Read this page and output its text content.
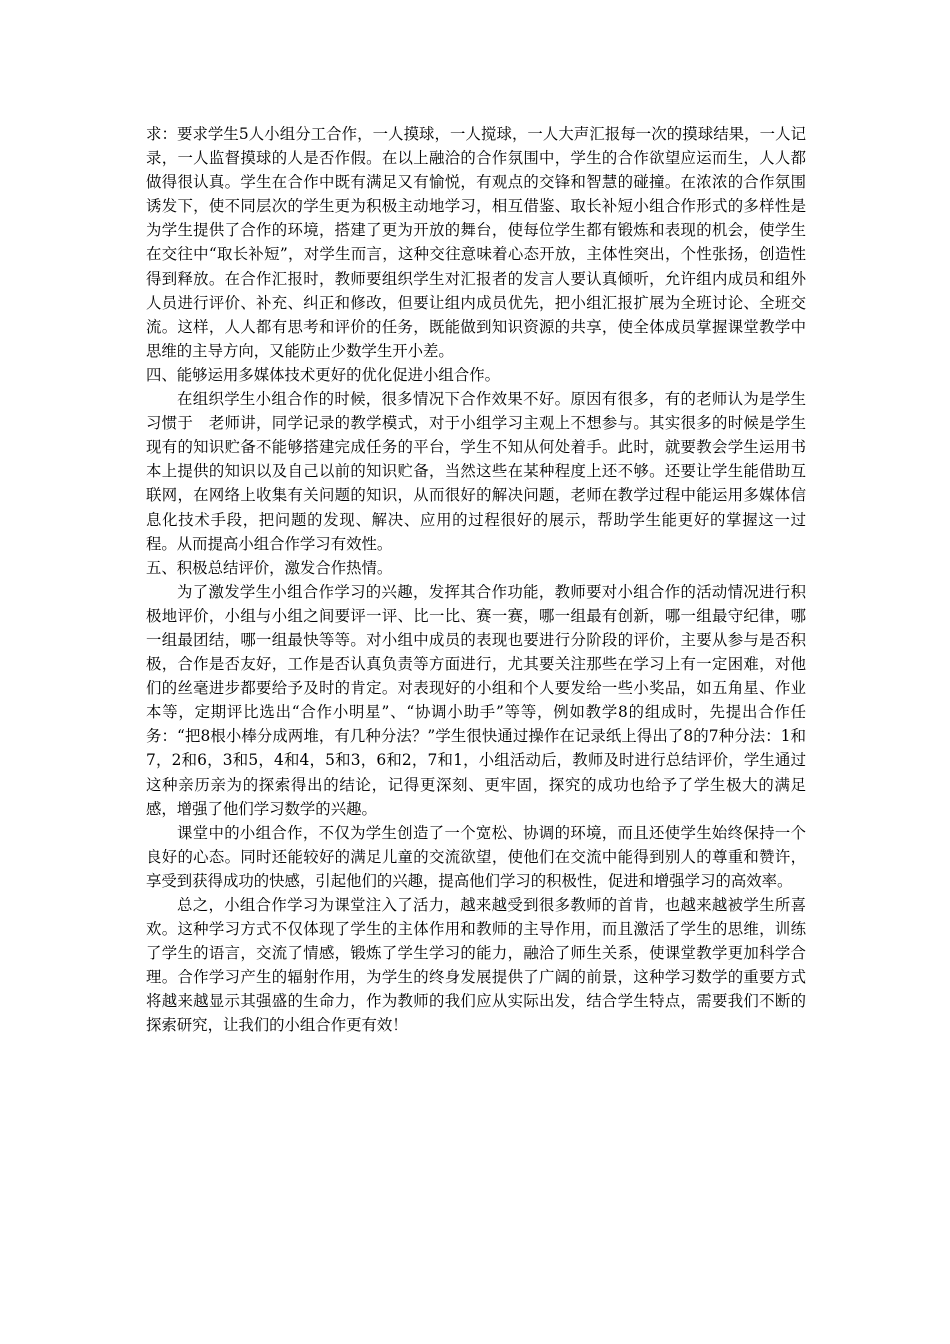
求：要求学生5人小组分工合作，一人摸球，一人搅球，一人大声汇报每一次的摸球结果，一人记录，一人监督摸球的人是否作假。在以上融洽的合作氛围中，学生的合作欲望应运而生，人人都做得很认真。学生在合作中既有满足又有愉悦，有观点的交锋和智慧的碰撞。在浓浓的合作氛围诱发下，使不同层次的学生更为积极主动地学习，相互借鉴、取长补短小组合作形式的多样性是为学生提供了合作的环境，搭建了更为开放的舞台，使每位学生都有锻炼和表现的机会，使学生在交往中“取长补短”，对学生而言，这种交往意味着心态开放，主体性突出，个性张扬，创造性得到释放。在合作汇报时，教师要组织学生对汇报者的发言人要认真倾听，允许组内成员和组外人员进行评价、补充、纠正和修改，但要让组内成员优先，把小组汇报扩展为全班讨论、全班交流。这样，人人都有思考和评价的任务，既能做到知识资源的共享，使全体成员掌握课堂教学中思维的主导方向，又能防止少数学生开小差。

四、能够运用多媒体技术更好的优化促进小组合作。

在组织学生小组合作的时候，很多情况下合作效果不好。原因有很多，有的老师认为是学生　习惯于　老师讲，同学记录的教学模式，对于小组学习主观上不想参与。其实很多的时候是学生现有的知识贮备不能够搭建完成任务的平台，学生不知从何处着手。此时，就要教会学生运用书本上提供的知识以及自己以前的知识贮备，当然这些在某种程度上还不够。还要让学生能借助互联网，在网络上收集有关问题的知识，从而很好的解决问题，老师在教学过程中能运用多媒体信息化技术手段，把问题的发现、解决、应用的过程很好的展示，帮助学生能更好的掌握这一过程。从而提高小组合作学习有效性。

五、积极总结评价，激发合作热情。

为了激发学生小组合作学习的兴趣，发挥其合作功能，教师要对小组合作的活动情况进行积极地评价，小组与小组之间要评一评、比一比、赛一赛，哪一组最有创新，哪一组最守纪律，哪一组最团结，哪一组最快等等。对小组中成员的表现也要进行分阶段的评价，主要从参与是否积极，合作是否友好，工作是否认真负责等方面进行，尤其要关注那些在学习上有一定困难，对他们的丝毫进步都要给予及时的肯定。对表现好的小组和个人要发给一些小奖品，如五角星、作业本等，定期评比选出“合作小明星”、“协调小助手”等等，例如教学8的组成时，先提出合作任务：“把8根小棒分成两堆，有几种分法？”学生很快通过操作在记录纸上得出了8的7种分法：1和7，2和6，3和5，4和4，5和3，6和2，7和1，小组活动后，教师及时进行总结评价，学生通过这种亲历亲为的探索得出的结论，记得更深刻、更牢固，探究的成功也给予了学生极大的满足感，增强了他们学习数学的兴趣。

课堂中的小组合作，不仅为学生创造了一个宽松、协调的环境，而且还使学生始终保持一个良好的心态。同时还能较好的满足儿童的交流欲望，使他们在交流中能得到别人的尊重和赞许，享受到获得成功的快感，引起他们的兴趣，提高他们学习的积极性，促进和增强学习的高效率。

总之，小组合作学习为课堂注入了活力，越来越受到很多教师的首肯，也越来越被学生所喜欢。这种学习方式不仅体现了学生的主体作用和教师的主导作用，而且激活了学生的思维，训练了学生的语言，交流了情感，锻炼了学生学习的能力，融洽了师生关系，使课堂教学更加科学合理。合作学习产生的辐射作用，为学生的终身发展提供了广阔的前景，这种学习数学的重要方式将越来越显示其强盛的生命力，作为教师的我们应从实际出发，结合学生特点，需要我们不断的探索研究，让我们的小组合作更有效！
